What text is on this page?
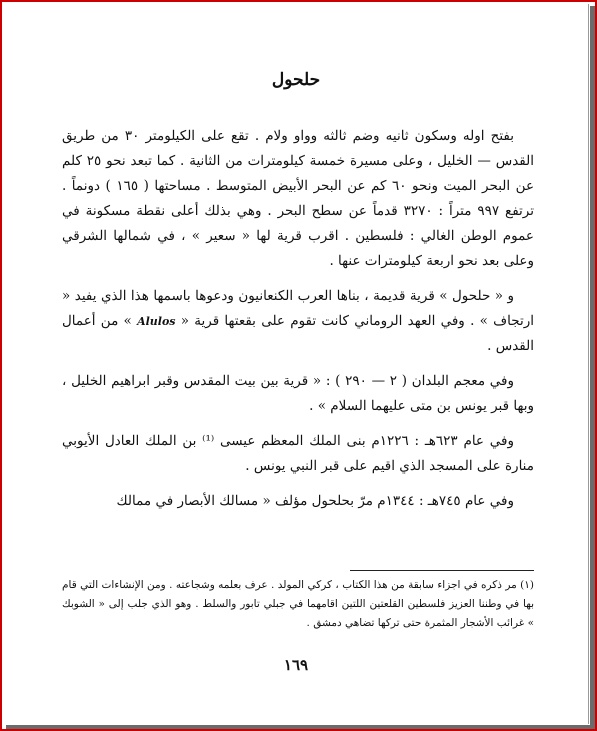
حلحول

بفتح اوله وسكون ثانيه وضم ثالثه وواو ولام . تقع على الكيلومتر ٣٠ من طريق القدس — الخليل ، وعلى مسيرة خمسة كيلومترات من الثانية . كما تبعد نحو ٢٥ كلم عن البحر الميت ونحو ٦٠ كم عن البحر الأبيض المتوسط . مساحتها ( ١٦٥ ) دونماً . ترتفع ٩٩٧ متراً : ٣٢٧٠ قدماً عن سطح البحر . وهي بذلك أعلى نقطة مسكونة في عموم الوطن الغالي : فلسطين . اقرب قرية لها « سعير » ، في شمالها الشرقي وعلى بعد نحو اربعة كيلومترات عنها .

و « حلحول » قرية قديمة ، بناها العرب الكنعانيون ودعوها باسمها هذا الذي يفيد « ارتجاف » . وفي العهد الروماني كانت تقوم على بقعتها قرية « Alulos » من أعمال القدس .

وفي معجم البلدان ( ٢ — ٢٩٠ ) : « قرية بين بيت المقدس وقبر ابراهيم الخليل ، وبها قبر يونس بن متى عليهما السلام » .

وفي عام ٦٢٣هـ : ١٢٢٦م بنى الملك المعظم عيسى ⁽¹⁾ بن الملك العادل الأيوبي منارة على المسجد الذي اقيم على قبر النبي يونس .

وفي عام ٧٤٥هـ : ١٣٤٤م مرّ بحلحول مؤلف « مسالك الأبصار في ممالك

(١) مر ذكره في اجزاء سابقة من هذا الكتاب ، كركي المولد . عرف بعلمه وشجاعته . ومن الإنشاءات التي قام بها في وطننا العزيز فلسطين القلعتين اللتين اقامهما في جبلي تابور والسلط . وهو الذي جلب إلى « الشوبك » غرائب الأشجار المثمرة حتى تركها تضاهي دمشق .

١٦٩
